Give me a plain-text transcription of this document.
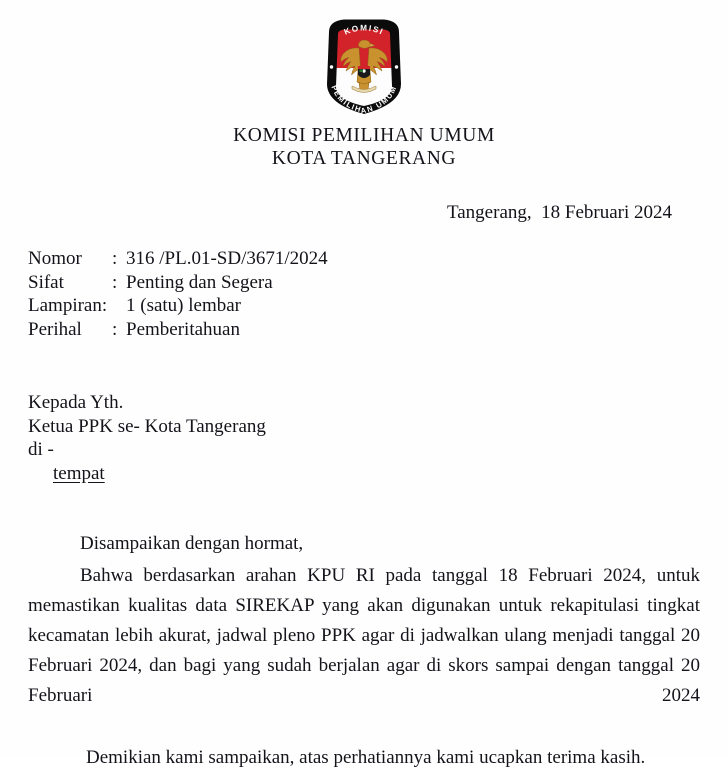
KOMISI
PEMILIHAN UMUM
KOMISI PEMILIHAN UMUM
KOTA TANGERANG
Tangerang,  18 Februari 2024
Nomor	: 316 /PL.01-SD/3671/2024
Sifat	: Penting dan Segera
Lampiran: 1 (satu) lembar
Perihal	: Pemberitahuan
Kepada Yth.
Ketua PPK se- Kota Tangerang
di -
tempat

Disampaikan dengan hormat,

Bahwa berdasarkan arahan KPU RI pada tanggal 18 Februari 2024, untuk memastikan kualitas data SIREKAP yang akan digunakan untuk rekapitulasi tingkat kecamatan lebih akurat, jadwal pleno PPK agar di jadwalkan ulang menjadi tanggal 20 Februari 2024, dan bagi yang sudah berjalan agar di skors sampai dengan tanggal 20 Februari 2024

Demikian kami sampaikan, atas perhatiannya kami ucapkan terima kasih.
